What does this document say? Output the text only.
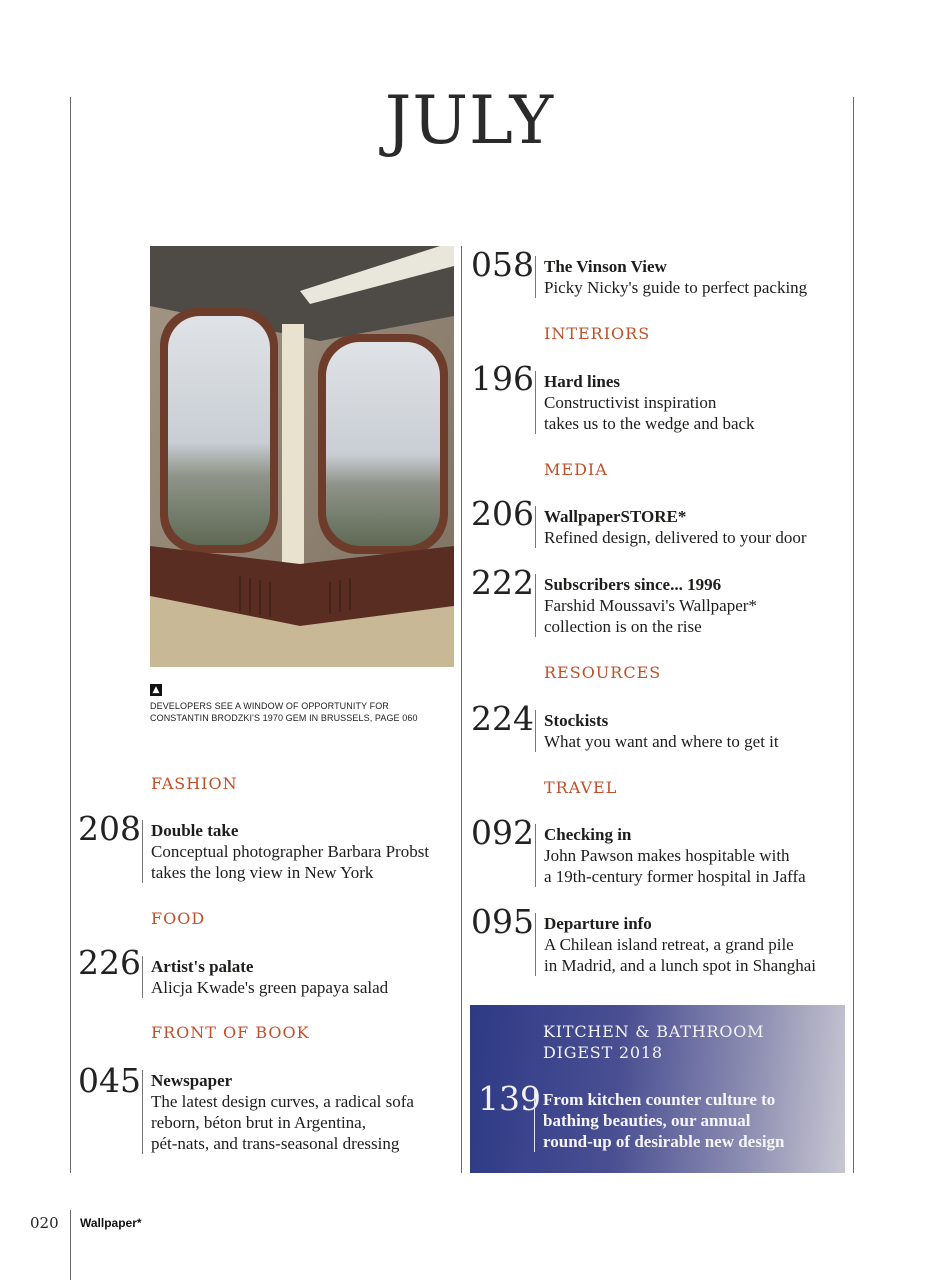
JULY
▲
DEVELOPERS SEE A WINDOW OF OPPORTUNITY FOR
CONSTANTIN BRODZKI'S 1970 GEM IN BRUSSELS, PAGE 060
FASHION
208 Double take
Conceptual photographer Barbara Probst
takes the long view in New York
FOOD
226 Artist's palate
Alicja Kwade's green papaya salad
FRONT OF BOOK
045 Newspaper
The latest design curves, a radical sofa
reborn, béton brut in Argentina,
pét-nats, and trans-seasonal dressing
058 The Vinson View
Picky Nicky's guide to perfect packing
INTERIORS
196 Hard lines
Constructivist inspiration
takes us to the wedge and back
MEDIA
206 WallpaperSTORE*
Refined design, delivered to your door
222 Subscribers since... 1996
Farshid Moussavi's Wallpaper*
collection is on the rise
RESOURCES
224 Stockists
What you want and where to get it
TRAVEL
092 Checking in
John Pawson makes hospitable with
a 19th-century former hospital in Jaffa
095 Departure info
A Chilean island retreat, a grand pile
in Madrid, and a lunch spot in Shanghai
KITCHEN & BATHROOM
DIGEST 2018
139 From kitchen counter culture to
bathing beauties, our annual
round-up of desirable new design
020 Wallpaper*
